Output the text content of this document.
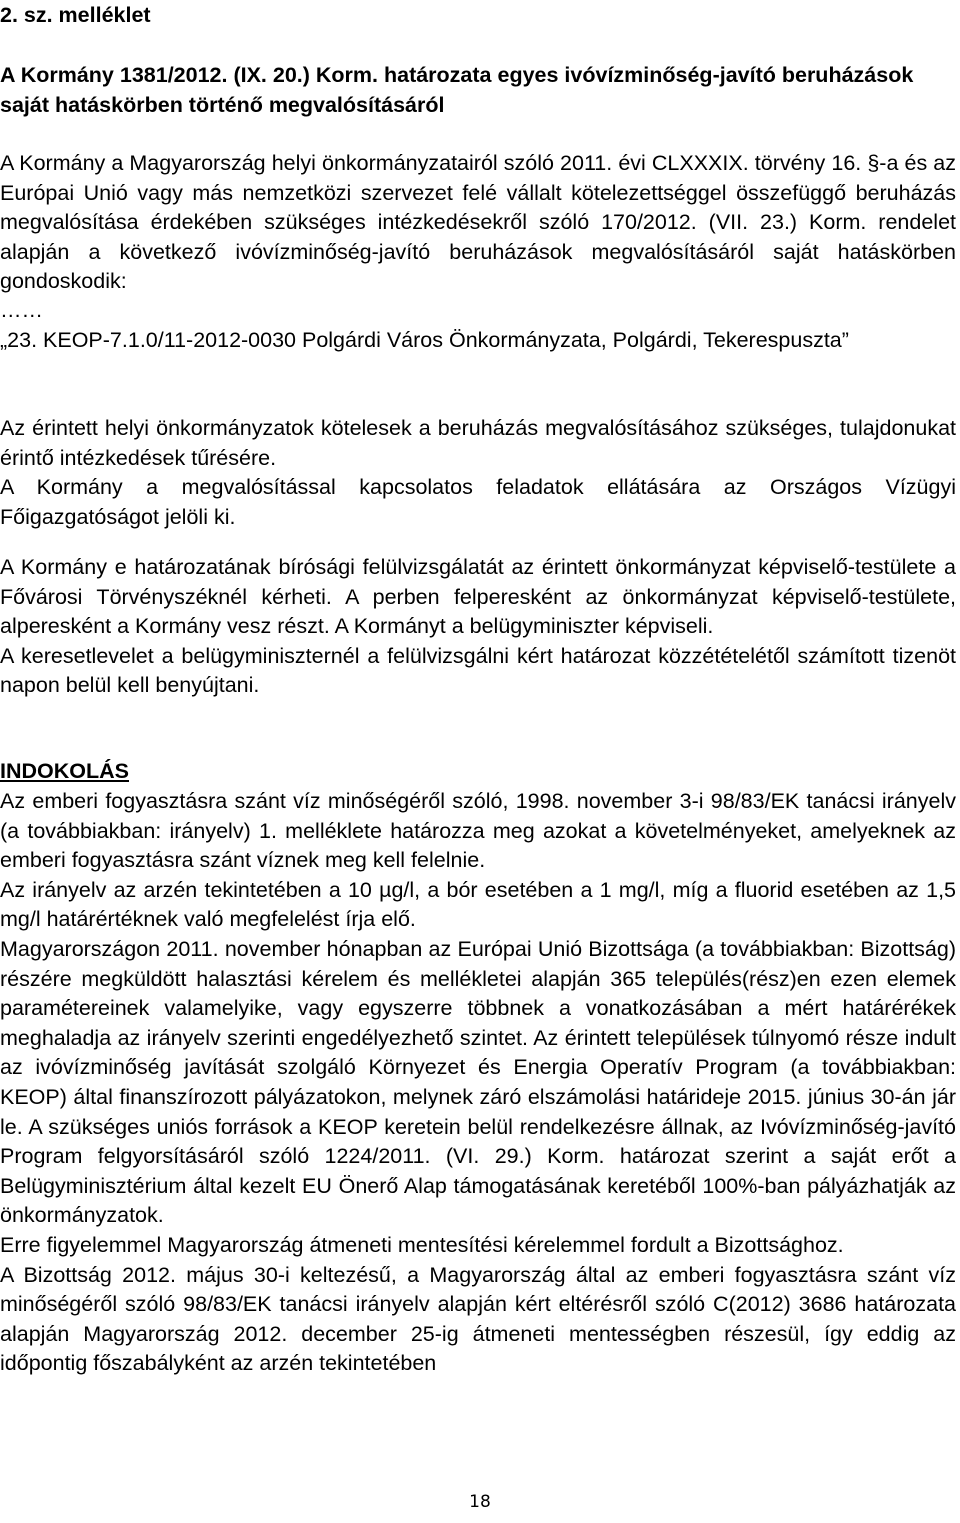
2. sz. melléklet
A Kormány 1381/2012. (IX. 20.) Korm. határozata egyes ivóvízminőség-javító beruházások saját hatáskörben történő megvalósításáról

A Kormány a Magyarország helyi önkormányzatairól szóló 2011. évi CLXXXIX. törvény 16. §-a és az Európai Unió vagy más nemzetközi szervezet felé vállalt kötelezettséggel összefüggő beruházás megvalósítása érdekében szükséges intézkedésekről szóló 170/2012. (VII. 23.) Korm. rendelet alapján a következő ivóvízminőség-javító beruházások megvalósításáról saját hatáskörben gondoskodik:

……
„23. KEOP-7.1.0/11-2012-0030 Polgárdi Város Önkormányzata, Polgárdi, Tekerespuszta”

Az érintett helyi önkormányzatok kötelesek a beruházás megvalósításához szükséges, tulajdonukat érintő intézkedések tűrésére.

A Kormány a megvalósítással kapcsolatos feladatok ellátására az Országos Vízügyi Főigazgatóságot jelöli ki.

A Kormány e határozatának bírósági felülvizsgálatát az érintett önkormányzat képviselő-testülete a Fővárosi Törvényszéknél kérheti. A perben felperesként az önkormányzat képviselő-testülete, alperesként a Kormány vesz részt. A Kormányt a belügyminiszter képviseli.

A keresetlevelet a belügyminiszternél a felülvizsgálni kért határozat közzétételétől számított tizenöt napon belül kell benyújtani.

INDOKOLÁS

Az emberi fogyasztásra szánt víz minőségéről szóló, 1998. november 3-i 98/83/EK tanácsi irányelv (a továbbiakban: irányelv) 1. melléklete határozza meg azokat a követelményeket, amelyeknek az emberi fogyasztásra szánt víznek meg kell felelnie.

Az irányelv az arzén tekintetében a 10 µg/l, a bór esetében a 1 mg/l, míg a fluorid esetében az 1,5 mg/l határértéknek való megfelelést írja elő.

Magyarországon 2011. november hónapban az Európai Unió Bizottsága (a továbbiakban: Bizottság) részére megküldött halasztási kérelem és mellékletei alapján 365 település(rész)en ezen elemek paramétereinek valamelyike, vagy egyszerre többnek a vonatkozásában a mért határérékek meghaladja az irányelv szerinti engedélyezhető szintet. Az érintett települések túlnyomó része indult az ivóvízminőség javítását szolgáló Környezet és Energia Operatív Program (a továbbiakban: KEOP) által finanszírozott pályázatokon, melynek záró elszámolási határideje 2015. június 30-án jár le. A szükséges uniós források a KEOP keretein belül rendelkezésre állnak, az Ivóvízminőség-javító Program felgyorsításáról szóló 1224/2011. (VI. 29.) Korm. határozat szerint a saját erőt a Belügyminisztérium által kezelt EU Önerő Alap támogatásának keretéből 100%-ban pályázhatják az önkormányzatok.

Erre figyelemmel Magyarország átmeneti mentesítési kérelemmel fordult a Bizottsághoz.

A Bizottság 2012. május 30-i keltezésű, a Magyarország által az emberi fogyasztásra szánt víz minőségéről szóló 98/83/EK tanácsi irányelv alapján kért eltérésről szóló C(2012) 3686 határozata alapján Magyarország 2012. december 25-ig átmeneti mentességben részesül, így eddig az időpontig főszabályként az arzén tekintetében

18
